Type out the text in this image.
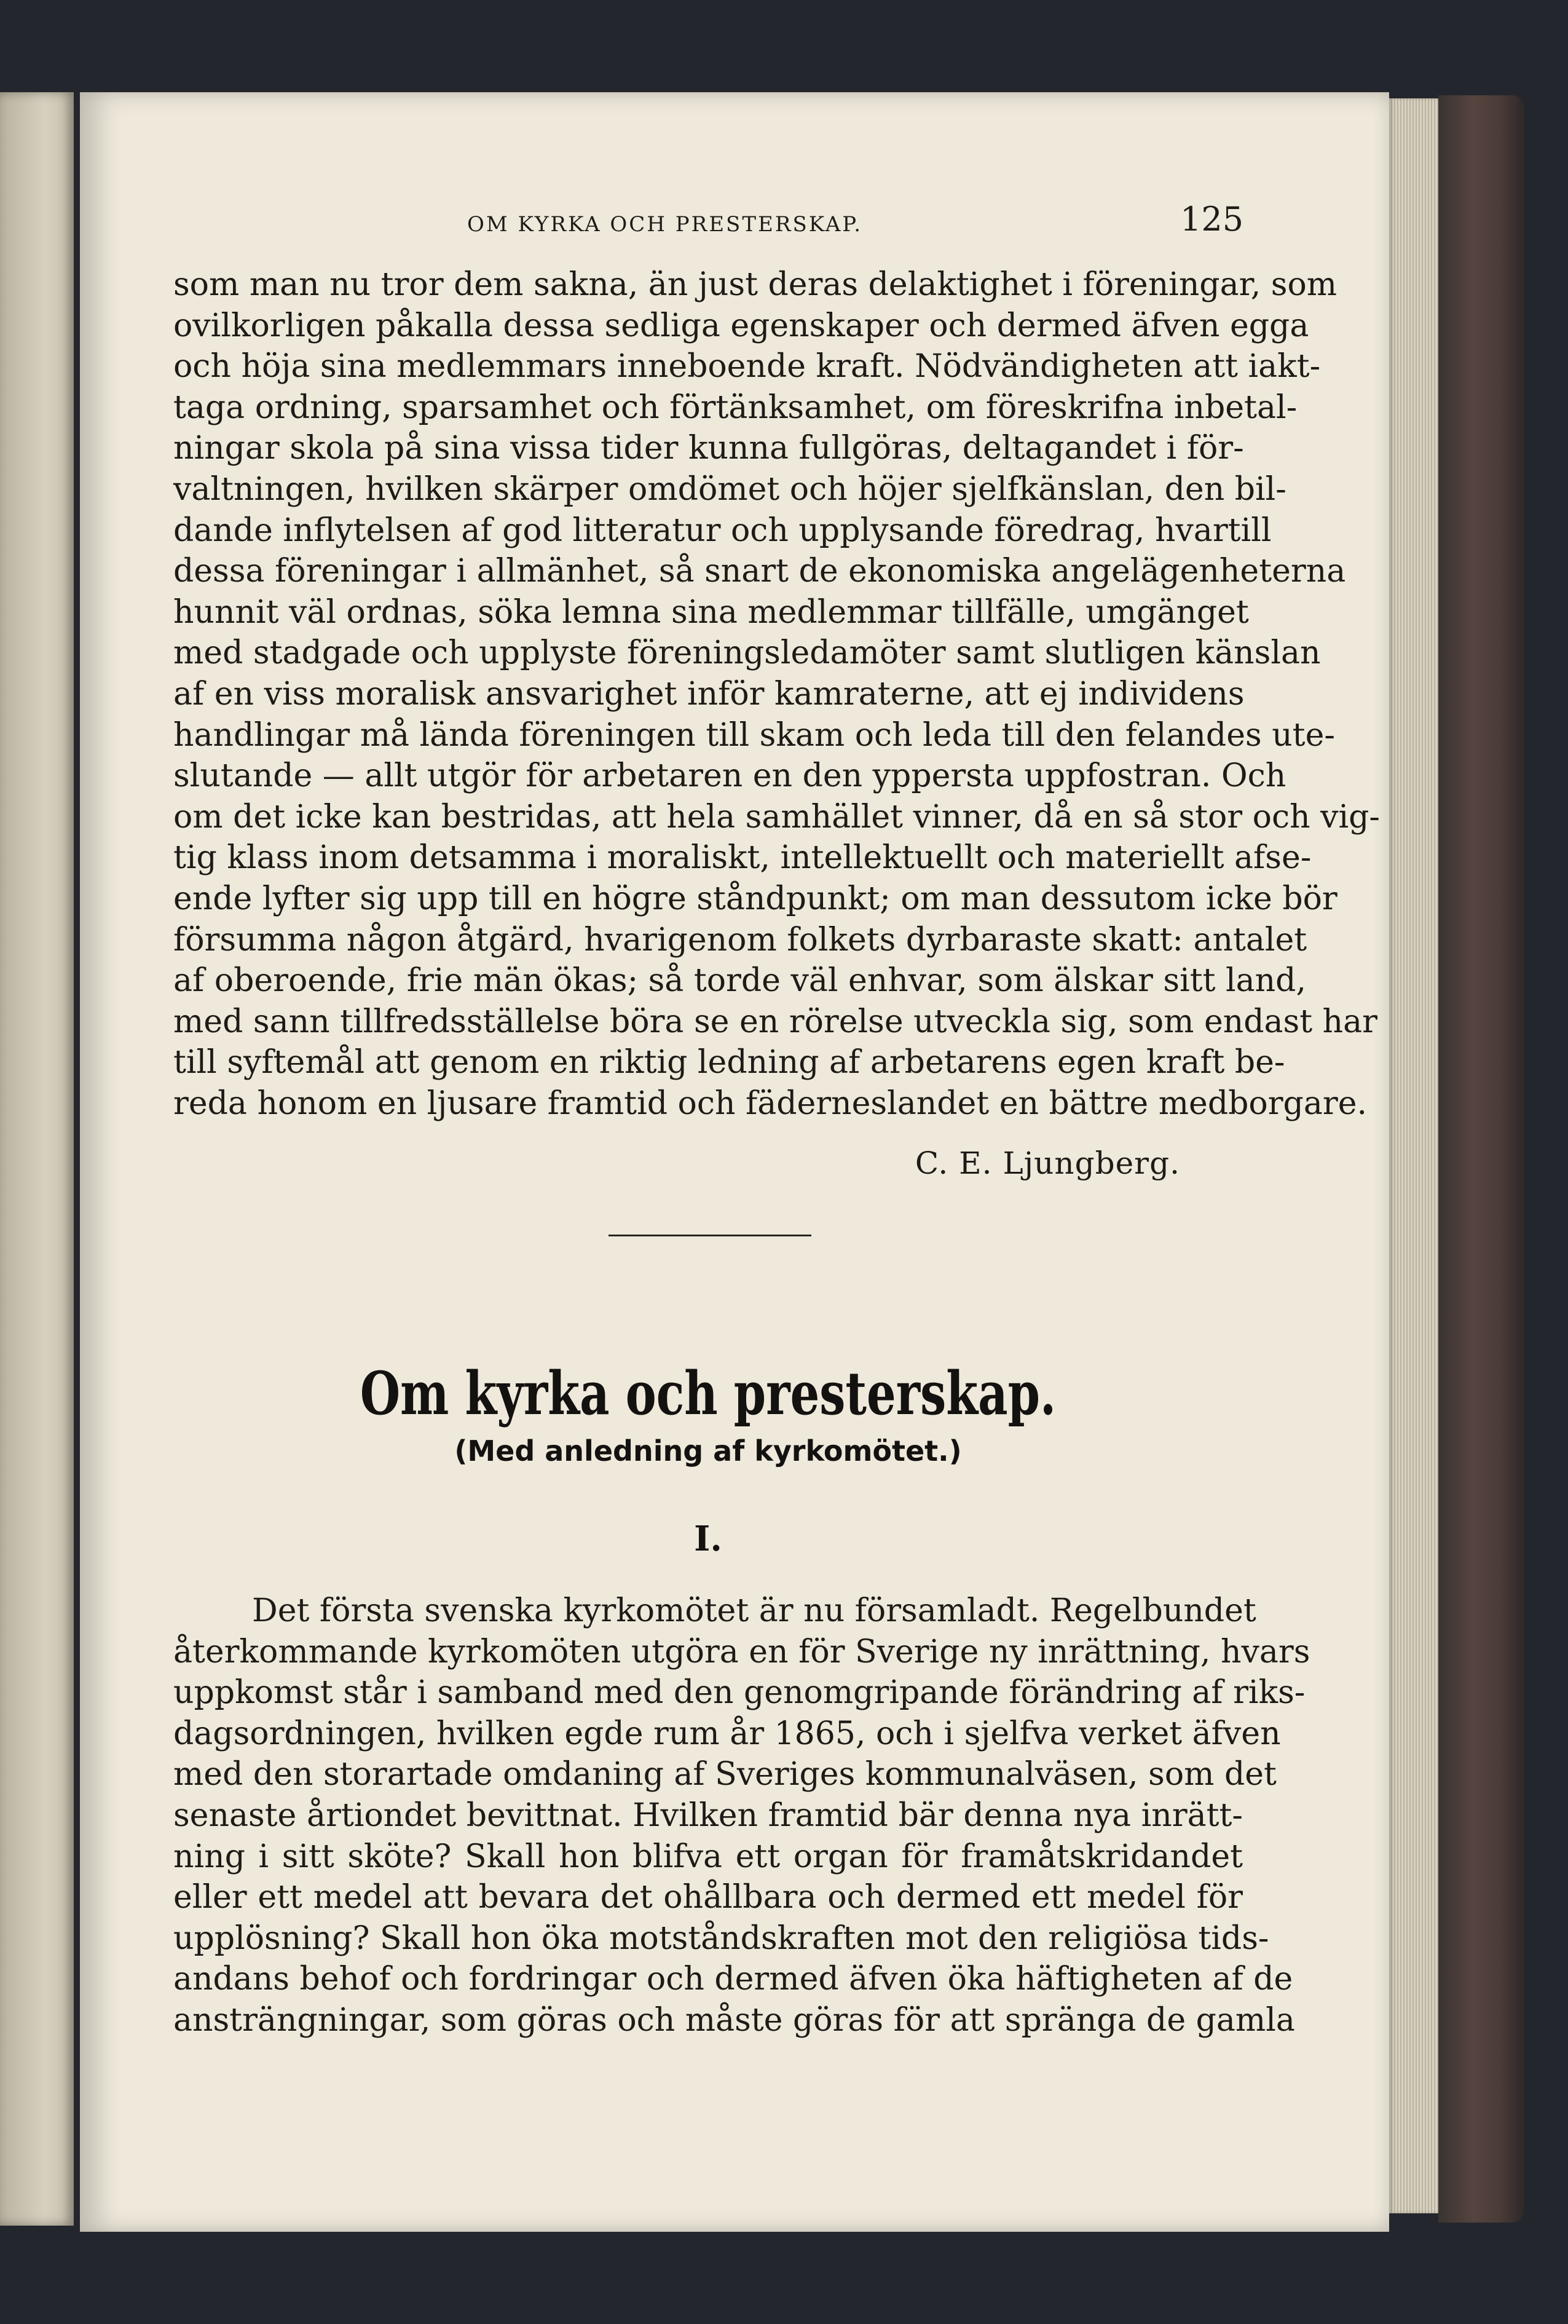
OM KYRKA OCH PRESTERSKAP.	125

som man nu tror dem sakna, än just deras delaktighet i föreningar, som
ovilkorligen påkalla dessa sedliga egenskaper och dermed äfven egga
och höja sina medlemmars inneboende kraft. Nödvändigheten att iakt-
taga ordning, sparsamhet och förtänksamhet, om föreskrifna inbetal-
ningar skola på sina vissa tider kunna fullgöras, deltagandet i för-
valtningen, hvilken skärper omdömet och höjer sjelfkänslan, den bil-
dande inflytelsen af god litteratur och upplysande föredrag, hvartill
dessa föreningar i allmänhet, så snart de ekonomiska angelägenheterna
hunnit väl ordnas, söka lemna sina medlemmar tillfälle, umgänget
med stadgade och upplyste föreningsledamöter samt slutligen känslan
af en viss moralisk ansvarighet inför kamraterne, att ej individens
handlingar må lända föreningen till skam och leda till den felandes ute-
slutande — allt utgör för arbetaren en den yppersta uppfostran. Och
om det icke kan bestridas, att hela samhället vinner, då en så stor och vig-
tig klass inom detsamma i moraliskt, intellektuellt och materiellt afse-
ende lyfter sig upp till en högre ståndpunkt; om man dessutom icke bör
försumma någon åtgärd, hvarigenom folkets dyrbaraste skatt: antalet
af oberoende, frie män ökas; så torde väl enhvar, som älskar sitt land,
med sann tillfredsställelse böra se en rörelse utveckla sig, som endast har
till syftemål att genom en riktig ledning af arbetarens egen kraft be-
reda honom en ljusare framtid och fäderneslandet en bättre medborgare.

C. E. Ljungberg.
Om kyrka och presterskap.
(Med anledning af kyrkomötet.)
I.

Det första svenska kyrkomötet är nu församladt. Regelbundet
återkommande kyrkomöten utgöra en för Sverige ny inrättning, hvars
uppkomst står i samband med den genomgripande förändring af riks-
dagsordningen, hvilken egde rum år 1865, och i sjelfva verket äfven
med den storartade omdaning af Sveriges kommunalväsen, som det
senaste årtiondet bevittnat. Hvilken framtid bär denna nya inrätt-
ning i sitt sköte? Skall hon blifva ett organ för framåtskridandet
eller ett medel att bevara det ohållbara och dermed ett medel för
upplösning? Skall hon öka motståndskraften mot den religiösa tids-
andans behof och fordringar och dermed äfven öka häftigheten af de
ansträngningar, som göras och måste göras för att spränga de gamla
